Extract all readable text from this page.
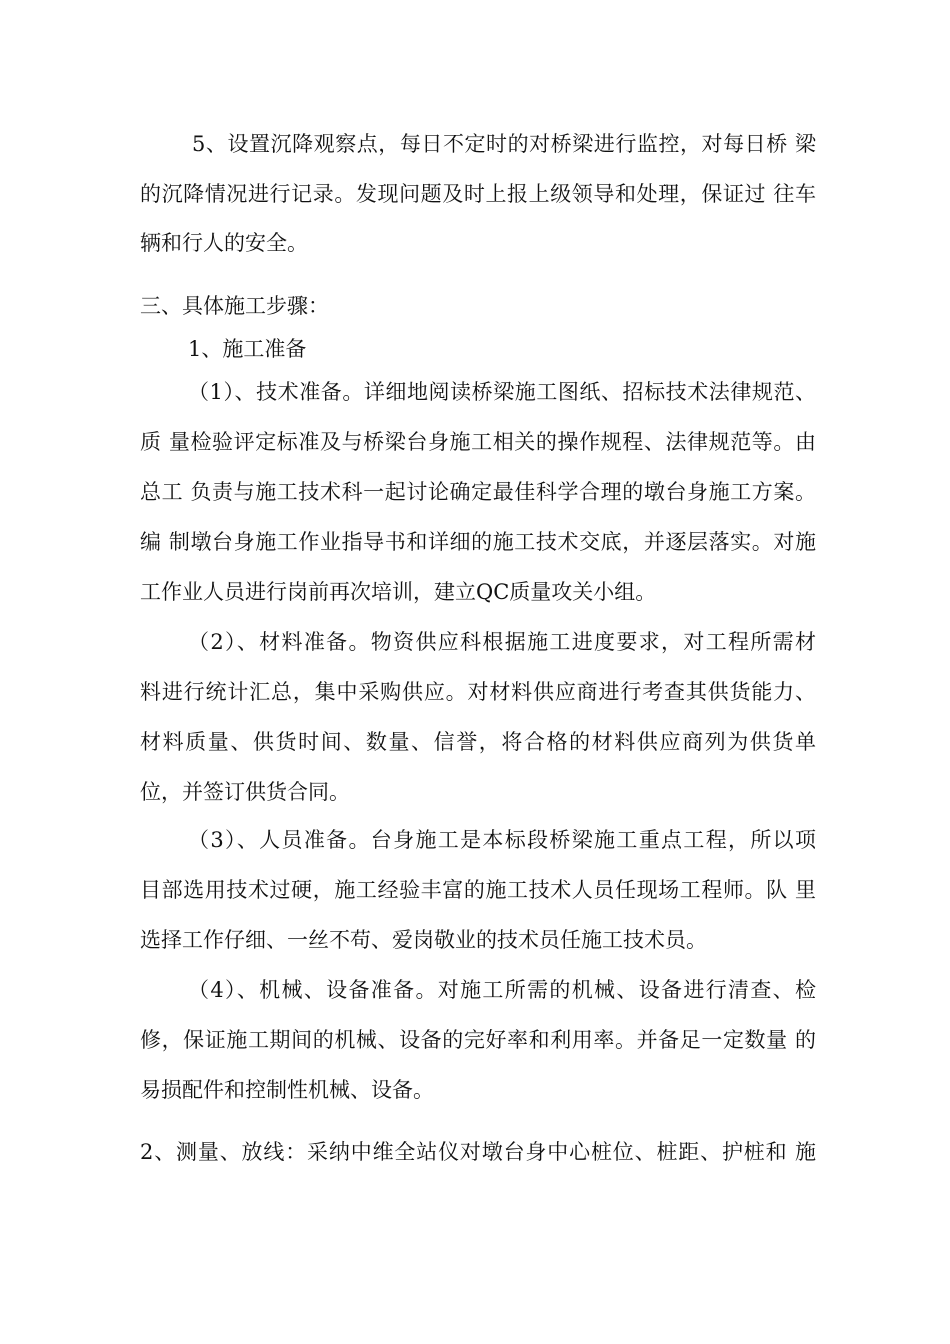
5、设置沉降观察点，每日不定时的对桥梁进行监控，对每日桥 梁
的沉降情况进行记录。发现问题及时上报上级领导和处理，保证过 往车
辆和行人的安全。
三、具体施工步骤：
1、施工准备
（1）、技术准备。详细地阅读桥梁施工图纸、招标技术法律规范、
质 量检验评定标准及与桥梁台身施工相关的操作规程、法律规范等。由
总工 负责与施工技术科一起讨论确定最佳科学合理的墩台身施工方案。
编 制墩台身施工作业指导书和详细的施工技术交底，并逐层落实。对施
工作业人员进行岗前再次培训，建立QC质量攻关小组。
（2）、材料准备。物资供应科根据施工进度要求，对工程所需材
料进行统计汇总，集中采购供应。对材料供应商进行考查其供货能力、
材料质量、供货时间、数量、信誉，将合格的材料供应商列为供货单
位，并签订供货合同。
（3）、人员准备。台身施工是本标段桥梁施工重点工程，所以项
目部选用技术过硬，施工经验丰富的施工技术人员任现场工程师。队 里
选择工作仔细、一丝不苟、爱岗敬业的技术员任施工技术员。
（4）、机械、设备准备。对施工所需的机械、设备进行清查、检
修，保证施工期间的机械、设备的完好率和利用率。并备足一定数量 的
易损配件和控制性机械、设备。
2、测量、放线：采纳中维全站仪对墩台身中心桩位、桩距、护桩和 施
